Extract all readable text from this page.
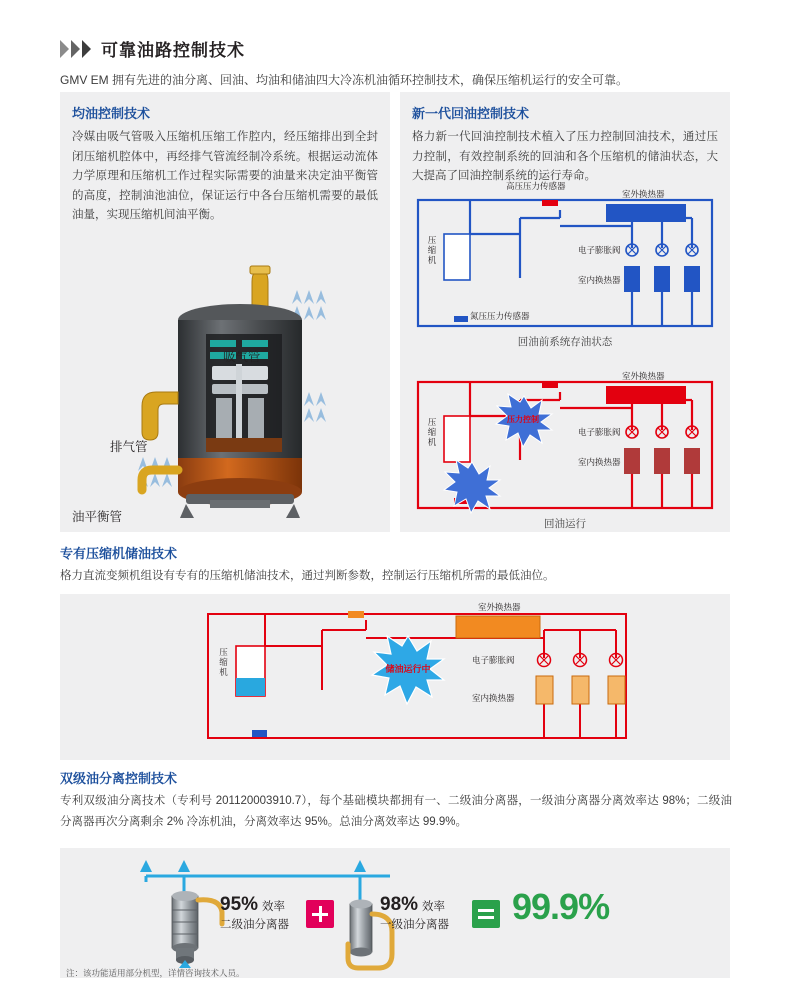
可靠油路控制技术
GMV EM 拥有先进的油分离、回油、均油和储油四大冷冻机油循环控制技术，确保压缩机运行的安全可靠。
均油控制技术
冷媒由吸气管吸入压缩机压缩工作腔内，经压缩排出到全封闭压缩机腔体中，再经排气管流经制冷系统。根据运动流体力学原理和压缩机工作过程实际需要的油量来决定油平衡管的高度，控制油池油位，保证运行中各台压缩机需要的最低油量，实现压缩机间油平衡。
吸气管
排气管
油平衡管
新一代回油控制技术
格力新一代回油控制技术植入了压力控制回油技术，通过压力控制，有效控制系统的回油和各个压缩机的储油状态，大大提高了回油控制系统的运行寿命。
高压压力传感器
室外换热器
压缩机
电子膨胀阀
室内换热器
氮压压力传感器
回油前系统存油状态
压力控制
室外换热器
压缩机
电子膨胀阀
室内换热器
回油运行
专有压缩机储油技术
格力直流变频机组设有专有的压缩机储油技术，通过判断参数，控制运行压缩机所需的最低油位。
储油运行中
室外换热器
压缩机
电子膨胀阀
室内换热器
双级油分离控制技术
专利双级油分离技术（专利号 201120003910.7），每个基础模块都拥有一、二级油分离器，一级油分离器分离效率达 98%；二级油分离器再次分离剩余 2% 冷冻机油，分离效率达 95%。总油分离效率达 99.9%。
95% 效率
二级油分离器
98% 效率
一级油分离器 99.9%
注：该功能适用部分机型，详情咨询技术人员。
